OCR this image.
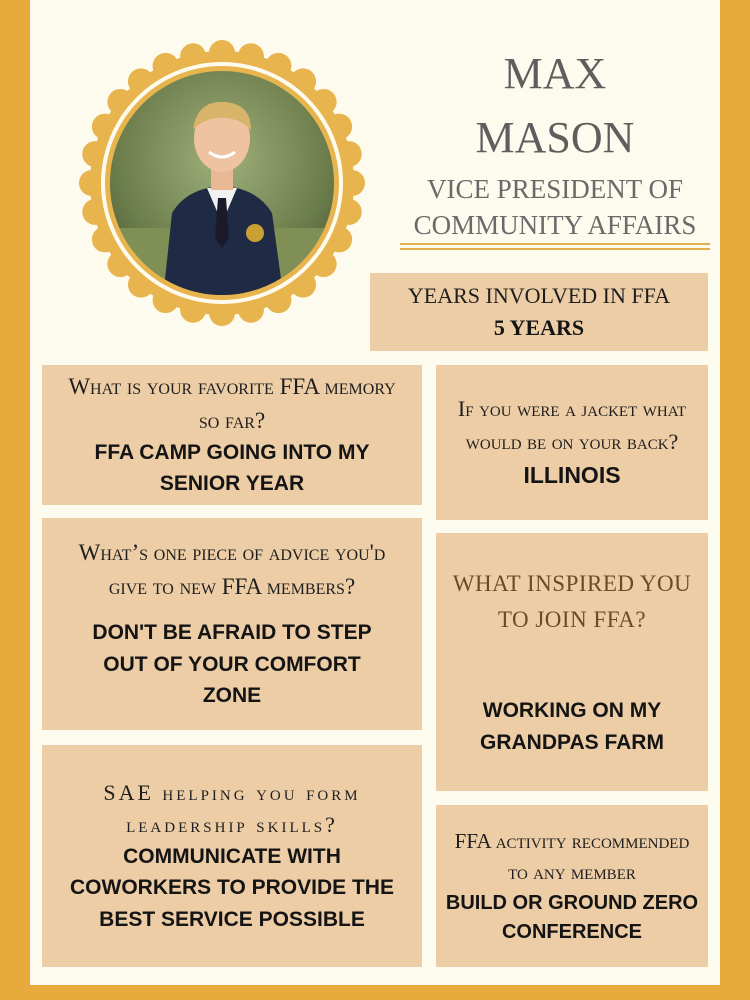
MAX
MASON
VICE PRESIDENT OF
COMMUNITY AFFAIRS
YEARS INVOLVED IN FFA
5 YEARS
What is your favorite FFA memory so far?
FFA CAMP GOING INTO MY SENIOR YEAR
If you were a jacket what would be on your back?
ILLINOIS
What’s one piece of advice you'd give to new FFA members?
DON'T BE AFRAID TO STEP OUT OF YOUR COMFORT ZONE
WHAT INSPIRED YOU TO JOIN FFA?
WORKING ON MY GRANDPAS FARM
SAE helping you form leadership skills?
COMMUNICATE WITH COWORKERS TO PROVIDE THE BEST SERVICE POSSIBLE
FFA activity recommended to any member
BUILD OR GROUND ZERO CONFERENCE
